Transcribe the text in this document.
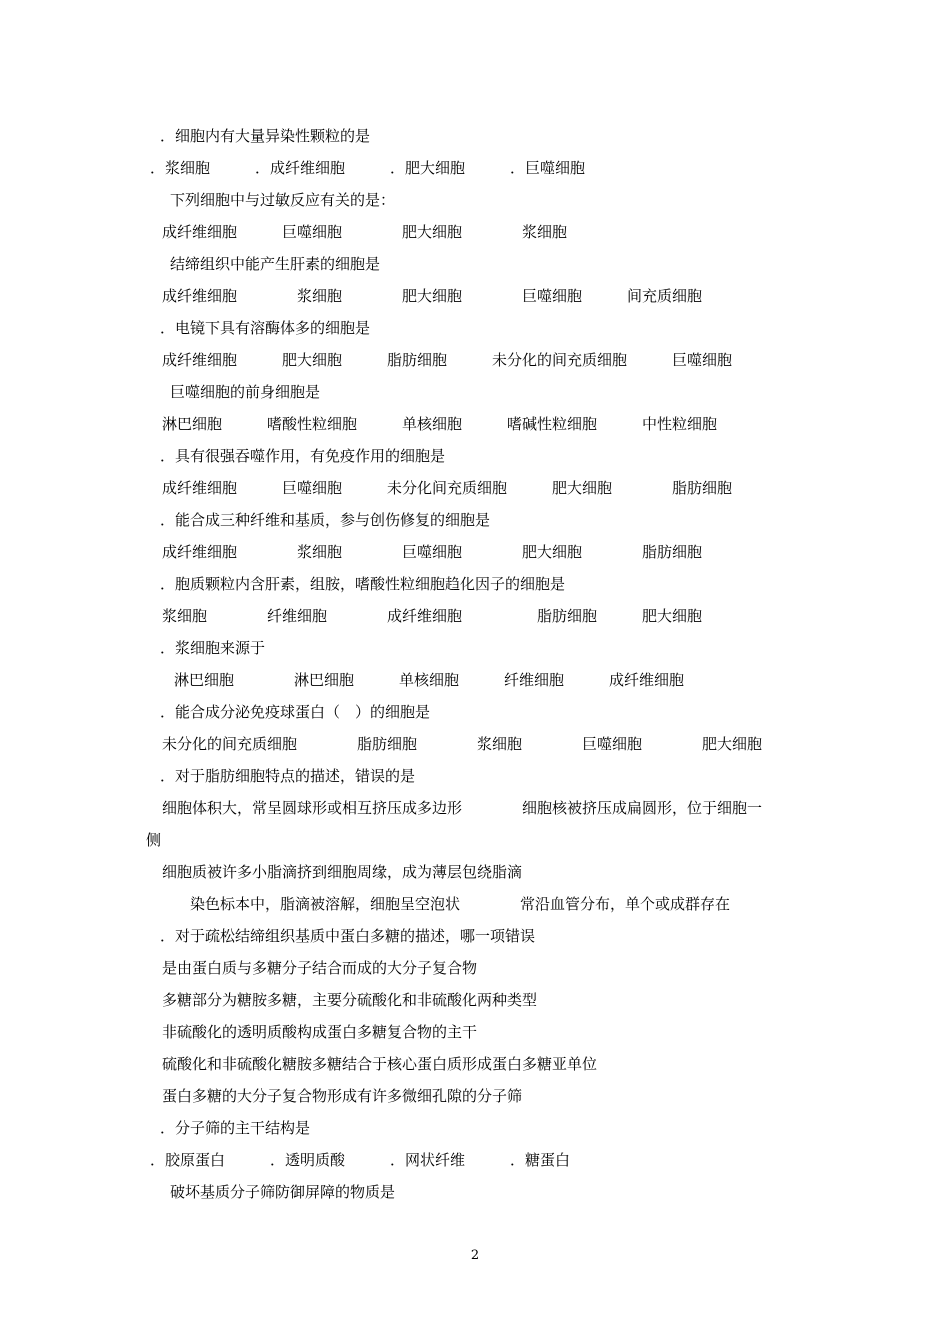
．细胞内有大量异染性颗粒的是
．浆细胞　　　．成纤维细胞　　　．肥大细胞　　　．巨噬细胞
下列细胞中与过敏反应有关的是：
成纤维细胞　　　巨噬细胞　　　　肥大细胞　　　　浆细胞
结缔组织中能产生肝素的细胞是
成纤维细胞　　　　浆细胞　　　　肥大细胞　　　　巨噬细胞　　　间充质细胞
．电镜下具有溶酶体多的细胞是
成纤维细胞　　　肥大细胞　　　脂肪细胞　　　未分化的间充质细胞　　　巨噬细胞
巨噬细胞的前身细胞是
淋巴细胞　　　嗜酸性粒细胞　　　单核细胞　　　嗜碱性粒细胞　　　中性粒细胞
．具有很强吞噬作用，有免疫作用的细胞是
成纤维细胞　　　巨噬细胞　　　未分化间充质细胞　　　肥大细胞　　　　脂肪细胞
．能合成三种纤维和基质，参与创伤修复的细胞是
成纤维细胞　　　　浆细胞　　　　巨噬细胞　　　　肥大细胞　　　　脂肪细胞
．胞质颗粒内含肝素，组胺，嗜酸性粒细胞趋化因子的细胞是
浆细胞　　　　纤维细胞　　　　成纤维细胞　　　　　脂肪细胞　　　肥大细胞
．浆细胞来源于
淋巴细胞　　　　淋巴细胞　　　单核细胞　　　纤维细胞　　　成纤维细胞
．能合成分泌免疫球蛋白（　）的细胞是
未分化的间充质细胞　　　　脂肪细胞　　　　浆细胞　　　　巨噬细胞　　　　肥大细胞
．对于脂肪细胞特点的描述，错误的是
细胞体积大，常呈圆球形或相互挤压成多边形　　　　细胞核被挤压成扁圆形，位于细胞一
侧
细胞质被许多小脂滴挤到细胞周缘，成为薄层包绕脂滴
染色标本中，脂滴被溶解，细胞呈空泡状　　　　常沿血管分布，单个或成群存在
．对于疏松结缔组织基质中蛋白多糖的描述，哪一项错误
是由蛋白质与多糖分子结合而成的大分子复合物
多糖部分为糖胺多糖，主要分硫酸化和非硫酸化两种类型
非硫酸化的透明质酸构成蛋白多糖复合物的主干
硫酸化和非硫酸化糖胺多糖结合于核心蛋白质形成蛋白多糖亚单位
蛋白多糖的大分子复合物形成有许多微细孔隙的分子筛
．分子筛的主干结构是
．胶原蛋白　　　．透明质酸　　　．网状纤维　　　．糖蛋白
破坏基质分子筛防御屏障的物质是
2
